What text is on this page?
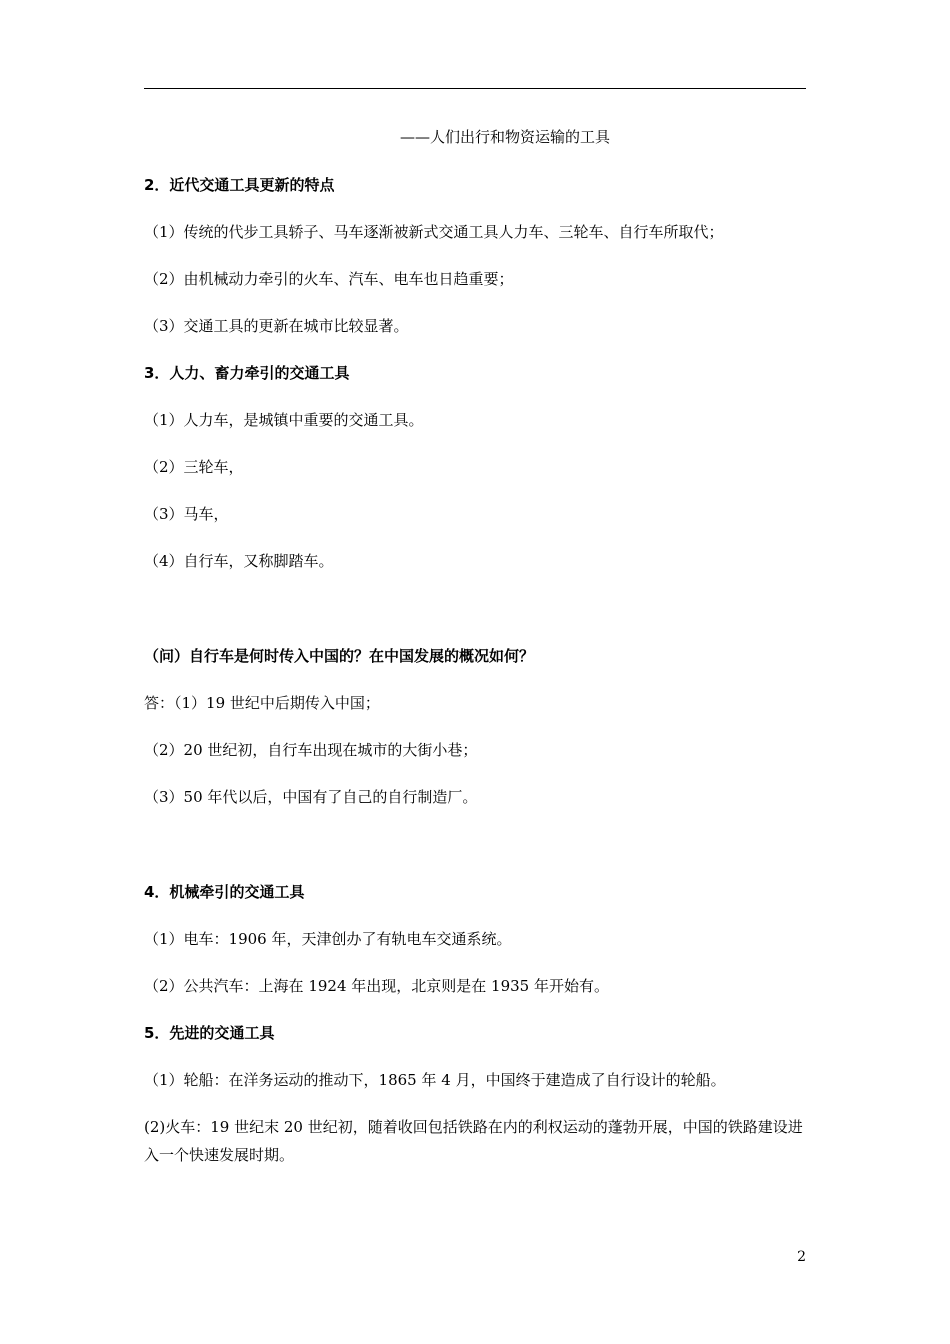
——人们出行和物资运输的工具
2．近代交通工具更新的特点
（1）传统的代步工具轿子、马车逐渐被新式交通工具人力车、三轮车、自行车所取代；
（2）由机械动力牵引的火车、汽车、电车也日趋重要；
（3）交通工具的更新在城市比较显著。
3．人力、畜力牵引的交通工具
（1）人力车，是城镇中重要的交通工具。
（2）三轮车，
（3）马车，
（4）自行车，又称脚踏车。
（问）自行车是何时传入中国的？在中国发展的概况如何？
答：（1）19 世纪中后期传入中国；
（2）20 世纪初，自行车出现在城市的大街小巷；
（3）50 年代以后，中国有了自己的自行制造厂。
4．机械牵引的交通工具
（1）电车：1906 年，天津创办了有轨电车交通系统。
（2）公共汽车：上海在 1924 年出现，北京则是在 1935 年开始有。
5．先进的交通工具
（1）轮船：在洋务运动的推动下，1865 年 4 月，中国终于建造成了自行设计的轮船。
(2)火车：19 世纪末 20 世纪初，随着收回包括铁路在内的利权运动的蓬勃开展，中国的铁路建设进入一个快速发展时期。
2
